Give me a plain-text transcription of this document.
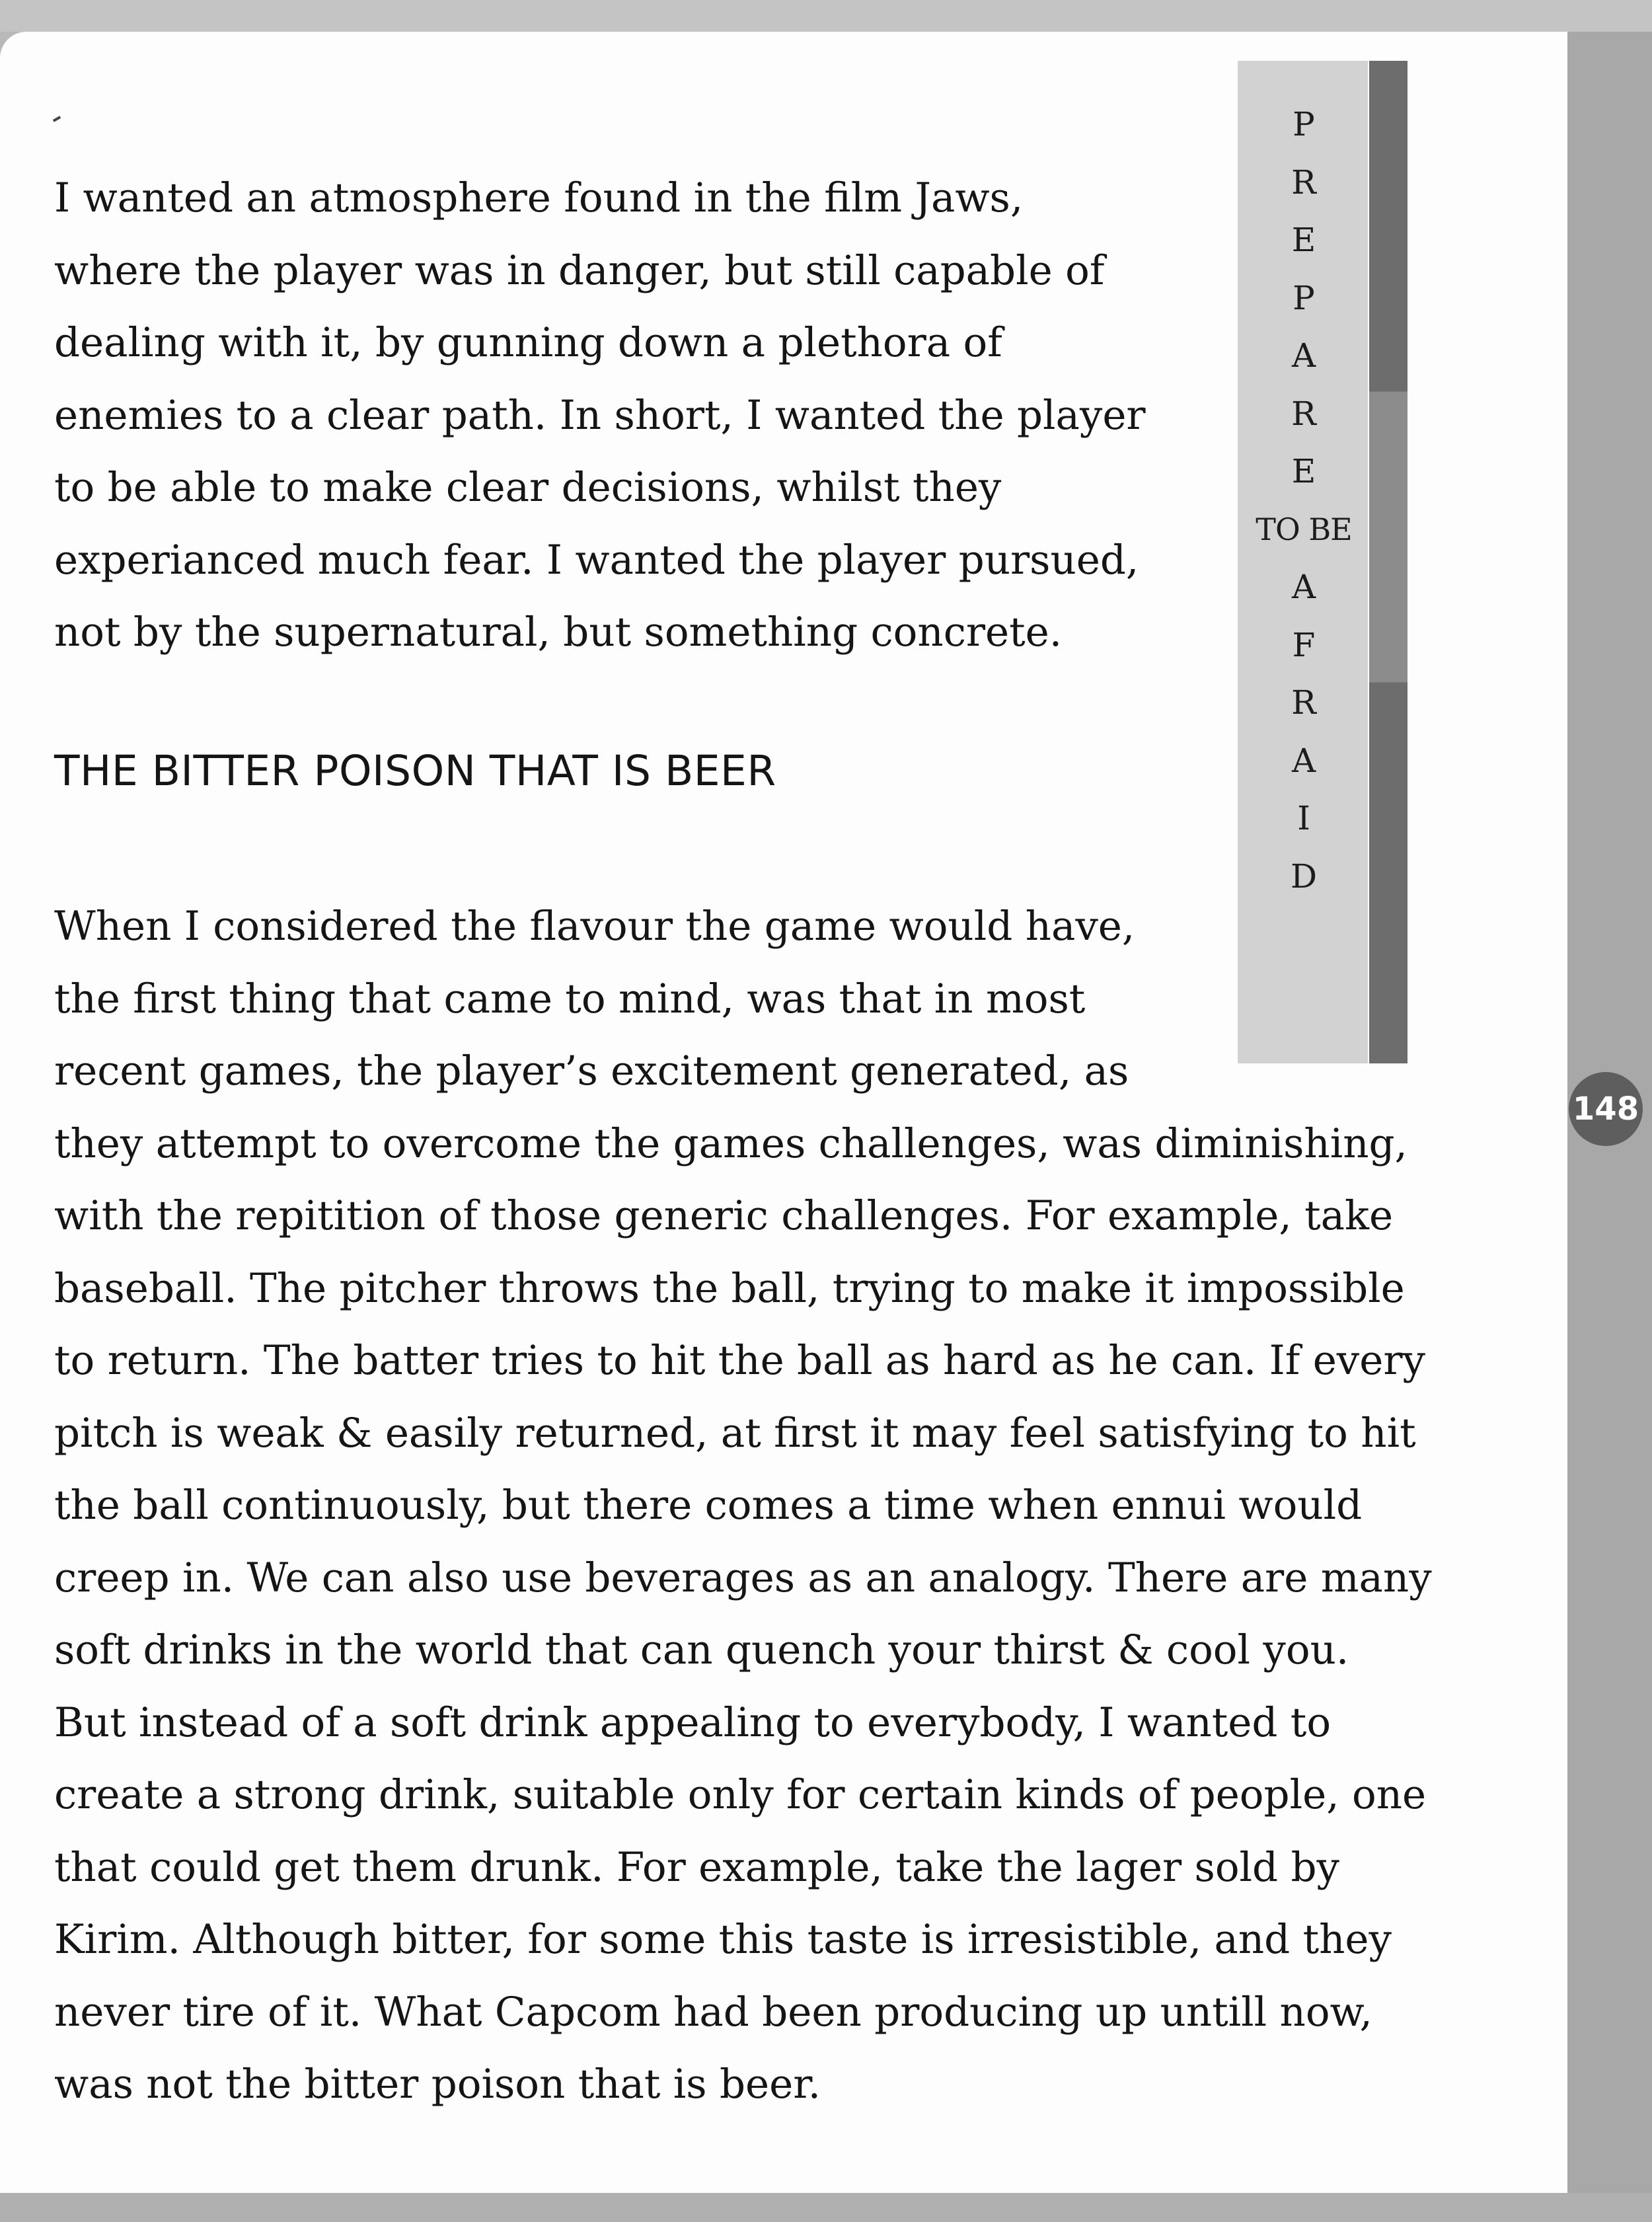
I wanted an atmosphere found in the film Jaws,
where the player was in danger, but still capable of
dealing with it, by gunning down a plethora of
enemies to a clear path. In short, I wanted the player
to be able to make clear decisions, whilst they
experianced much fear. I wanted the player pursued,
not by the supernatural, but something concrete.
THE BITTER POISON THAT IS BEER
When I considered the flavour the game would have,
the first thing that came to mind, was that in most
recent games, the player’s excitement generated, as
they attempt to overcome the games challenges, was diminishing,
with the repitition of those generic challenges. For example, take
baseball. The pitcher throws the ball, trying to make it impossible
to return. The batter tries to hit the ball as hard as he can. If every
pitch is weak & easily returned, at first it may feel satisfying to hit
the ball continuously, but there comes a time when ennui would
creep in. We can also use beverages as an analogy. There are many
soft drinks in the world that can quench your thirst & cool you.
But instead of a soft drink appealing to everybody, I wanted to
create a strong drink, suitable only for certain kinds of people, one
that could get them drunk. For example, take the lager sold by
Kirim. Although bitter, for some this taste is irresistible, and they
never tire of it. What Capcom had been producing up untill now,
was not the bitter poison that is beer.
P
R
E
P
A
R
E
TO BE
A
F
R
A
I
D
148
